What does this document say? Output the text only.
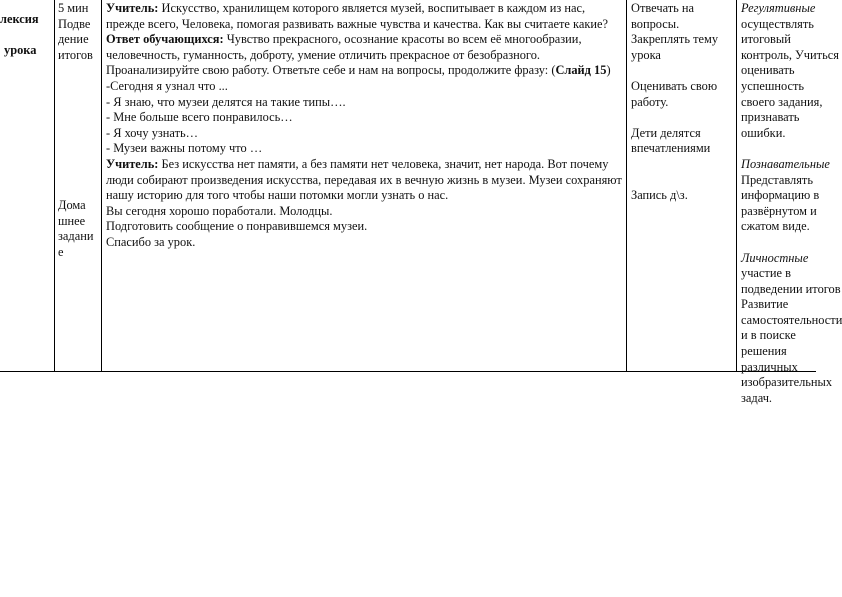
лексия
урока
5 мин
Подве
дение
итогов
Дома
шнее
задани
е

Учитель: Искусство, хранилищем которого является музей, воспитывает в каждом из нас, прежде всего, Человека, помогая развивать важные чувства и качества. Как вы считаете какие?

Ответ обучающихся: Чувство прекрасного, осознание красоты во всем её многообразии, человечность, гуманность, доброту, умение отличить прекрасное от безобразного.

Проанализируйте свою работу. Ответьте себе и нам на вопросы, продолжите фразу: (Слайд 15)

-Сегодня я узнал что ...

- Я знаю, что музеи делятся на такие типы….

- Мне больше всего понравилось…

- Я хочу узнать…

- Музеи важны потому что …

Учитель: Без искусства нет памяти, а без памяти нет человека, значит, нет народа. Вот почему люди собирают произведения искусства, передавая их в вечную жизнь в музеи. Музеи сохраняют нашу историю для того чтобы наши потомки могли узнать о нас.

Вы сегодня хорошо поработали. Молодцы.

Подготовить сообщение о понравившемся музеи.

Спасибо за урок.

Отвечать на
вопросы.
Закреплять тему
урока
Оценивать свою
работу.
Дети делятся
впечатлениями
Запись д\з.
Регулятивные
осуществлять
итоговый
контроль, Учиться
оценивать
успешность
своего задания,
признавать
ошибки.
Познавательные
Представлять
информацию в
развёрнутом и
сжатом виде.
Личностные
участие в
подведении итогов
Развитие
самостоятельности
и в поиске
решения
различных
изобразительных
задач.
